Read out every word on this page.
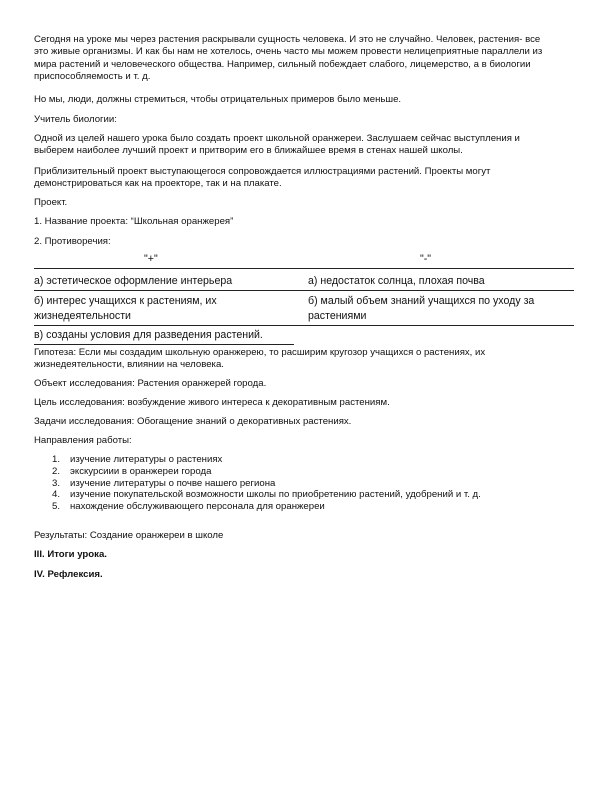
Сегодня на уроке мы через растения раскрывали сущность человека. И это не случайно. Человек, растения- все
это живые организмы. И как бы нам не хотелось, очень часто мы можем провести нелицеприятные параллели из
мира растений и человеческого общества. Например, сильный побеждает слабого, лицемерство, а в биологии
приспособляемость и т. д.
Но мы, люди, должны стремиться, чтобы отрицательных примеров было меньше.
Учитель биологии:
Одной из целей нашего урока было создать проект школьной оранжереи. Заслушаем сейчас выступления и
выберем наиболее лучший проект и притворим его в ближайшее время в стенах нашей школы.
Приблизительный проект выступающегося сопровождается иллюстрациями растений. Проекты могут
демонстрироваться как на проекторе, так и на плакате.
Проект.
1. Название проекта: “Школьная оранжерея”
2. Противоречия:
"+"	"-"
а) эстетическое оформление интерьера	а) недостаток солнца, плохая почва
б) интерес учащихся к растениям, их	б) малый объем знаний учащихся по уходу за
жизнедеятельности	растениями
в) созданы условия для разведения растений.
Гипотеза: Если мы создадим школьную оранжерею, то расширим кругозор учащихся о растениях, их
жизнедеятельности, влиянии на человека.
Объект исследования: Растения оранжерей города.
Цель исследования: возбуждение живого интереса к декоративным растениям.
Задачи исследования: Обогащение знаний о декоративных растениях.
Направления работы:
1. изучение литературы о растениях
2. экскурсиии в оранжереи города
3. изучение литературы о почве нашего региона
4. изучение покупательской возможности школы по приобретению растений, удобрений и т. д.
5. нахождение обслуживающего персонала для оранжереи
Результаты: Создание оранжереи в школе
III. Итоги урока.
IV. Рефлексия.
